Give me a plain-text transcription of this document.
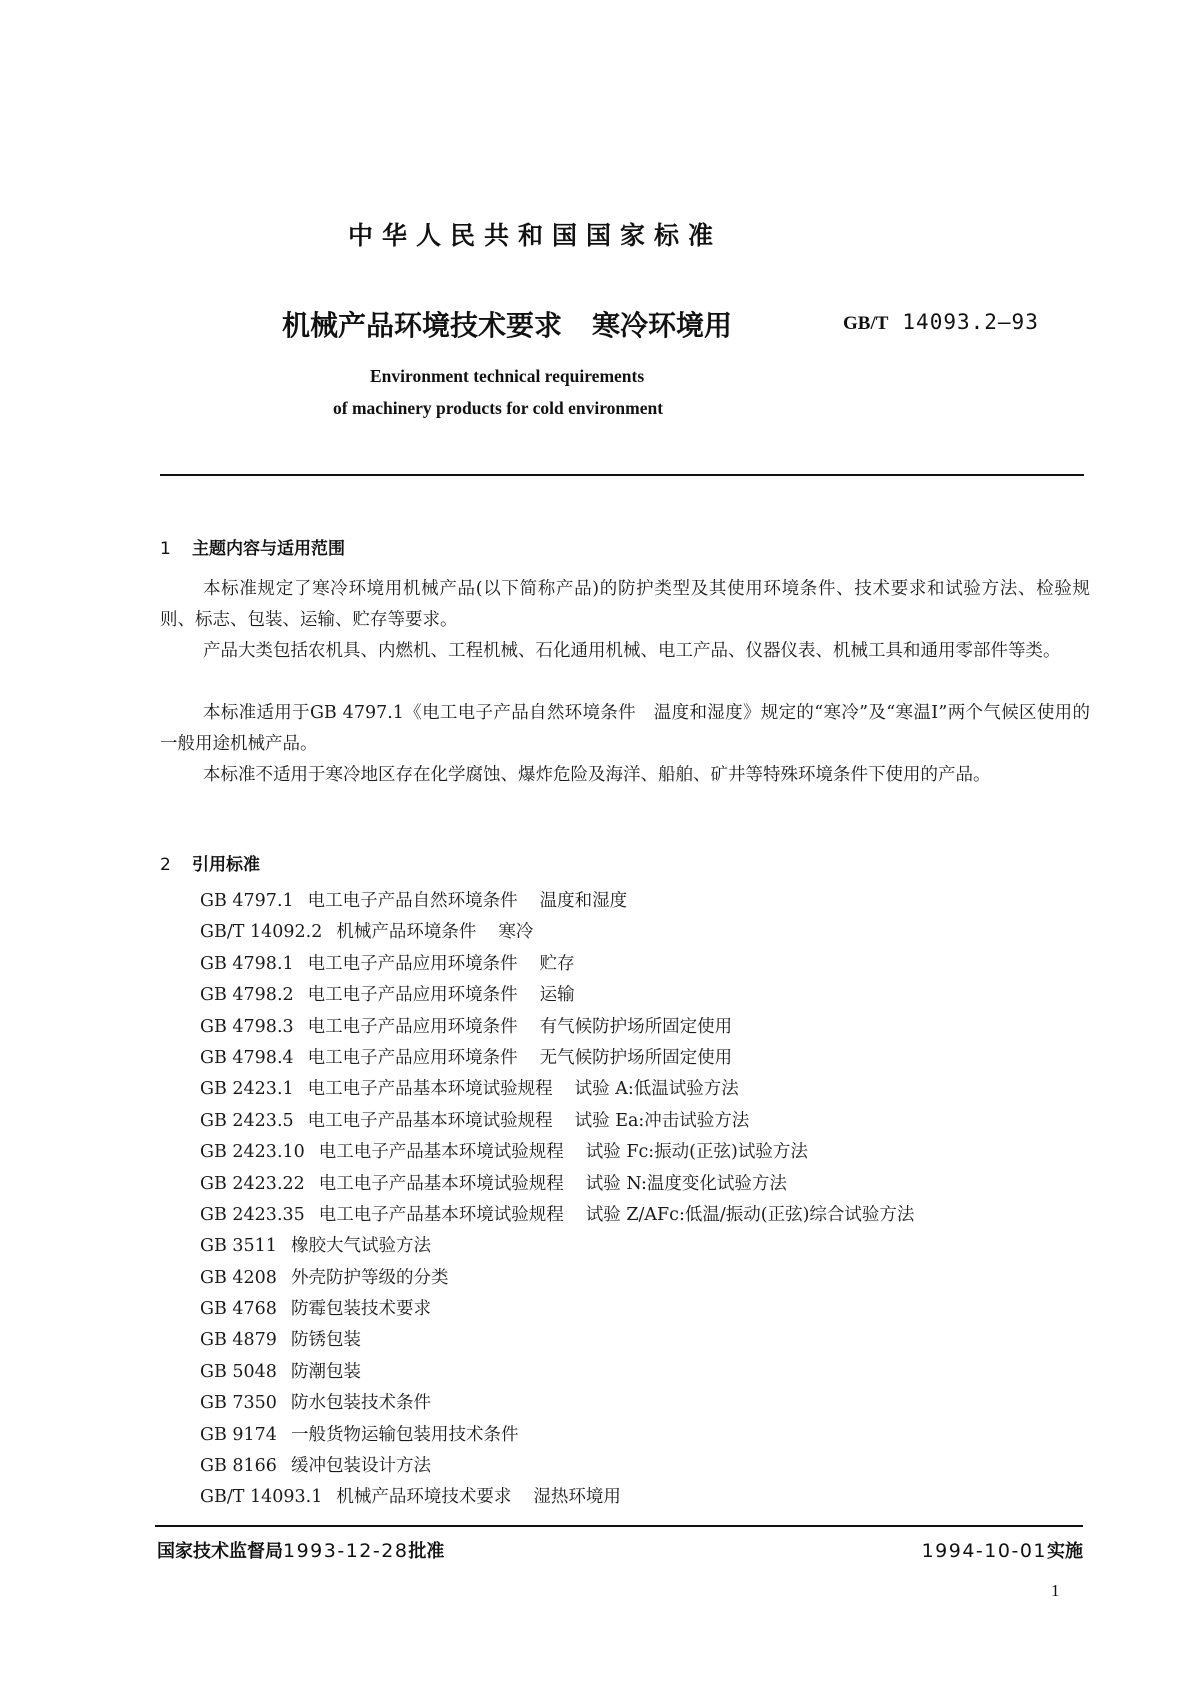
中华人民共和国国家标准
机械产品环境技术要求 寒冷环境用	GB/T 14093.2—93
Environment technical requirements
of machinery products for cold environment
1 主题内容与适用范围
本标准规定了寒冷环境用机械产品(以下简称产品)的防护类型及其使用环境条件、技术要求和试验方法、检验规则、标志、包装、运输、贮存等要求。
产品大类包括农机具、内燃机、工程机械、石化通用机械、电工产品、仪器仪表、机械工具和通用零部件等类。
本标准适用于GB 4797.1《电工电子产品自然环境条件　温度和湿度》规定的“寒冷”及“寒温Ⅰ”两个气候区使用的一般用途机械产品。
本标准不适用于寒冷地区存在化学腐蚀、爆炸危险及海洋、船舶、矿井等特殊环境条件下使用的产品。
2 引用标准
GB 4797.1 电工电子产品自然环境条件 温度和湿度
GB/T 14092.2 机械产品环境条件 寒冷
GB 4798.1 电工电子产品应用环境条件 贮存
GB 4798.2 电工电子产品应用环境条件 运输
GB 4798.3 电工电子产品应用环境条件 有气候防护场所固定使用
GB 4798.4 电工电子产品应用环境条件 无气候防护场所固定使用
GB 2423.1 电工电子产品基本环境试验规程 试验 A:低温试验方法
GB 2423.5 电工电子产品基本环境试验规程 试验 Ea:冲击试验方法
GB 2423.10 电工电子产品基本环境试验规程 试验 Fc:振动(正弦)试验方法
GB 2423.22 电工电子产品基本环境试验规程 试验 N:温度变化试验方法
GB 2423.35 电工电子产品基本环境试验规程 试验 Z/AFc:低温/振动(正弦)综合试验方法
GB 3511 橡胶大气试验方法
GB 4208 外壳防护等级的分类
GB 4768 防霉包装技术要求
GB 4879 防锈包装
GB 5048 防潮包装
GB 7350 防水包装技术条件
GB 9174 一般货物运输包装用技术条件
GB 8166 缓冲包装设计方法
GB/T 14093.1 机械产品环境技术要求 湿热环境用
国家技术监督局1993-12-28批准	1994-10-01实施
1
